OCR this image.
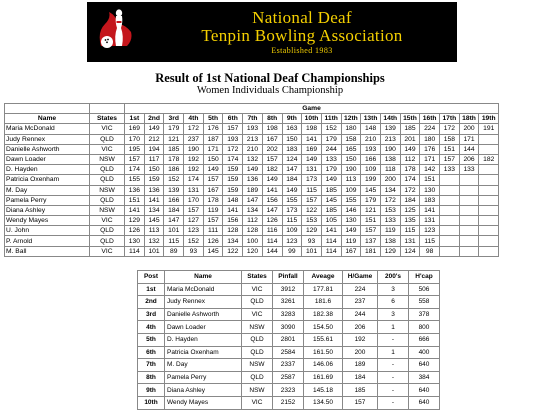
National Deaf
Tenpin Bowling Association
Established 1983
Result of 1st National Deaf Championships
Women Individuals Championship
		Game																		
Name	States	1st	2nd	3rd	4th	5th	6th	7th	8th	9th	10th	11th	12th	13th	14th	15th	16th	17th	18th	19th
Maria McDonald	VIC	169	149	179	172	176	157	193	198	163	198	152	180	148	139	185	224	172	200	191
Judy Rennex	QLD	170	212	121	237	187	193	213	167	150	141	179	158	210	213	201	180	158	171	
Danielle Ashworth	VIC	195	194	185	190	171	172	210	202	183	169	244	165	193	190	149	176	151	144	
Dawn Loader	NSW	157	117	178	192	150	174	132	157	124	149	133	150	166	138	112	171	157	206	182
D. Hayden	QLD	174	150	186	192	149	159	149	182	147	131	179	190	109	118	178	142	133	133	
Patricia Oxenham	QLD	155	159	152	174	157	159	136	149	184	173	149	113	199	200	174	151			
M. Day	NSW	136	136	139	131	167	159	189	141	149	115	185	109	145	134	172	130			
Pamela Perry	QLD	151	141	166	170	178	148	147	156	155	157	145	155	179	172	184	183			
Diana Ashley	NSW	141	134	184	157	119	141	134	147	173	122	185	146	121	153	125	141			
Wendy Mayes	VIC	129	145	147	127	157	156	112	126	115	153	105	130	151	133	135	131			
U. John	QLD	126	113	101	123	111	128	128	116	109	129	141	149	157	119	115	123			
P. Arnold	QLD	130	132	115	152	126	134	100	114	123	93	114	119	137	138	131	115			
M. Ball	VIC	114	101	89	93	145	122	120	144	99	101	114	167	181	129	124	98			
Post	Name	States	Pinfall	Aveage	H/Game	200's	H'cap
1st	Maria McDonald	VIC	3912	177.81	224	3	506
2nd	Judy Rennex	QLD	3261	181.6	237	6	558
3rd	Danielle Ashworth	VIC	3283	182.38	244	3	378
4th	Dawn Loader	NSW	3090	154.50	206	1	800
5th	D. Hayden	QLD	2801	155.61	192	-	666
6th	Patricia Oxenham	QLD	2584	161.50	200	1	400
7th	M. Day	NSW	2337	146.06	189	-	640
8th	Pamela Perry	QLD	2587	161.69	184	-	384
9th	Diana Ashley	NSW	2323	145.18	185	-	640
10th	Wendy Mayes	VIC	2152	134.50	157	-	640
